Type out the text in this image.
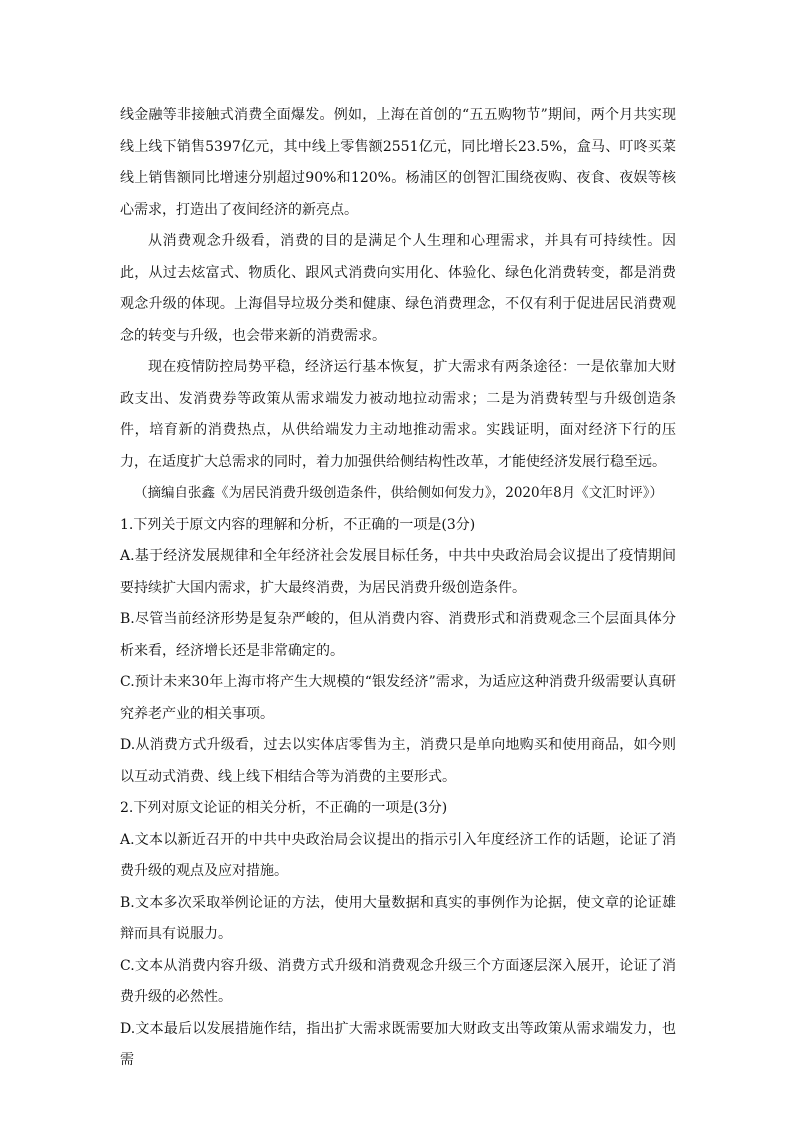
线金融等非接触式消费全面爆发。例如，上海在首创的“五五购物节”期间，两个月共实现线上线下销售5397亿元，其中线上零售额2551亿元，同比增长23.5%，盒马、叮咚买菜线上销售额同比增速分别超过90%和120%。杨浦区的创智汇围绕夜购、夜食、夜娱等核心需求，打造出了夜间经济的新亮点。

从消费观念升级看，消费的目的是满足个人生理和心理需求，并具有可持续性。因此，从过去炫富式、物质化、跟风式消费向实用化、体验化、绿色化消费转变，都是消费观念升级的体现。上海倡导垃圾分类和健康、绿色消费理念，不仅有利于促进居民消费观念的转变与升级，也会带来新的消费需求。

现在疫情防控局势平稳，经济运行基本恢复，扩大需求有两条途径：一是依靠加大财政支出、发消费券等政策从需求端发力被动地拉动需求；二是为消费转型与升级创造条件，培育新的消费热点，从供给端发力主动地推动需求。实践证明，面对经济下行的压力，在适度扩大总需求的同时，着力加强供给侧结构性改革，才能使经济发展行稳至远。

（摘编自张鑫《为居民消费升级创造条件，供给侧如何发力》，2020年8月《文汇时评》）

1.下列关于原文内容的理解和分析，不正确的一项是(3分)

A.基于经济发展规律和全年经济社会发展目标任务，中共中央政治局会议提出了疫情期间要持续扩大国内需求，扩大最终消费，为居民消费升级创造条件。

B.尽管当前经济形势是复杂严峻的，但从消费内容、消费形式和消费观念三个层面具体分析来看，经济增长还是非常确定的。

C.预计未来30年上海市将产生大规模的“银发经济”需求，为适应这种消费升级需要认真研究养老产业的相关事项。

D.从消费方式升级看，过去以实体店零售为主，消费只是单向地购买和使用商品，如今则以互动式消费、线上线下相结合等为消费的主要形式。

2.下列对原文论证的相关分析，不正确的一项是(3分)

A.文本以新近召开的中共中央政治局会议提出的指示引入年度经济工作的话题，论证了消费升级的观点及应对措施。

B.文本多次采取举例论证的方法，使用大量数据和真实的事例作为论据，使文章的论证雄辩而具有说服力。

C.文本从消费内容升级、消费方式升级和消费观念升级三个方面逐层深入展开，论证了消费升级的必然性。

D.文本最后以发展措施作结，指出扩大需求既需要加大财政支出等政策从需求端发力，也需
